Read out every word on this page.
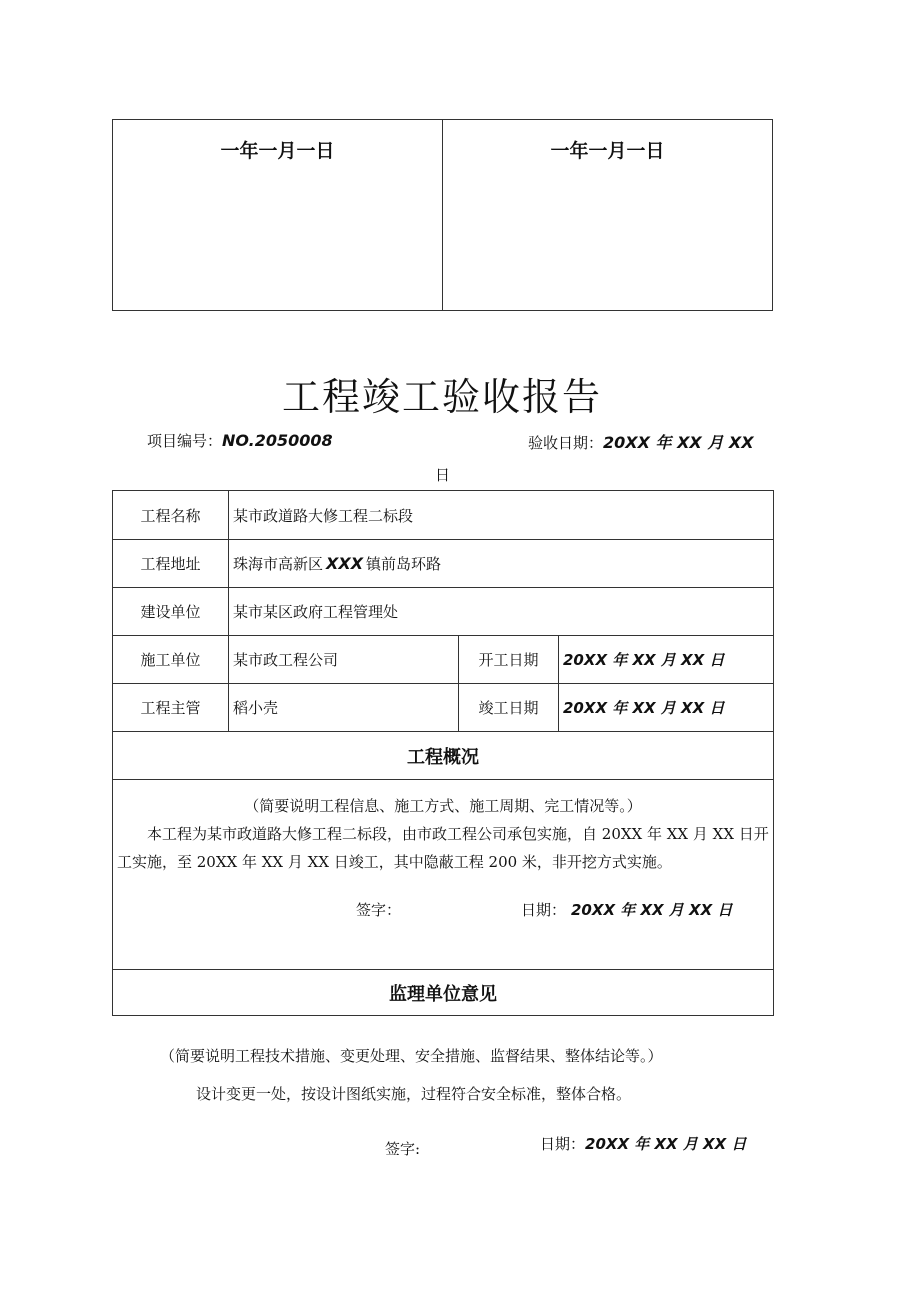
一年一月一日	一年一月一日
工程竣工验收报告
项目编号：NO.2050008	验收日期：20XX 年 XX 月 XX
日
工程名称	某市政道路大修工程二标段		
工程地址	珠海市高新区 XXX 镇前岛环路		
建设单位	某市某区政府工程管理处		
施工单位	某市政工程公司	开工日期	20XX 年 XX 月 XX 日
工程主管	稻小壳	竣工日期	20XX 年 XX 月 XX 日
工程概况			

（简要说明工程信息、施工方式、施工周期、完工情况等。）

本工程为某市政道路大修工程二标段，由市政工程公司承包实施，自 20XX 年 XX 月 XX 日开工实施，至 20XX 年 XX 月 XX 日竣工，其中隐蔽工程 200 米，非开挖方式实施。

签字： 日期： 20XX 年 XX 月 XX 日			

监理单位意见			
（简要说明工程技术措施、变更处理、安全措施、监督结果、整体结论等。）
设计变更一处，按设计图纸实施，过程符合安全标准，整体合格。
签字:	日期：20XX 年 XX 月 XX 日
